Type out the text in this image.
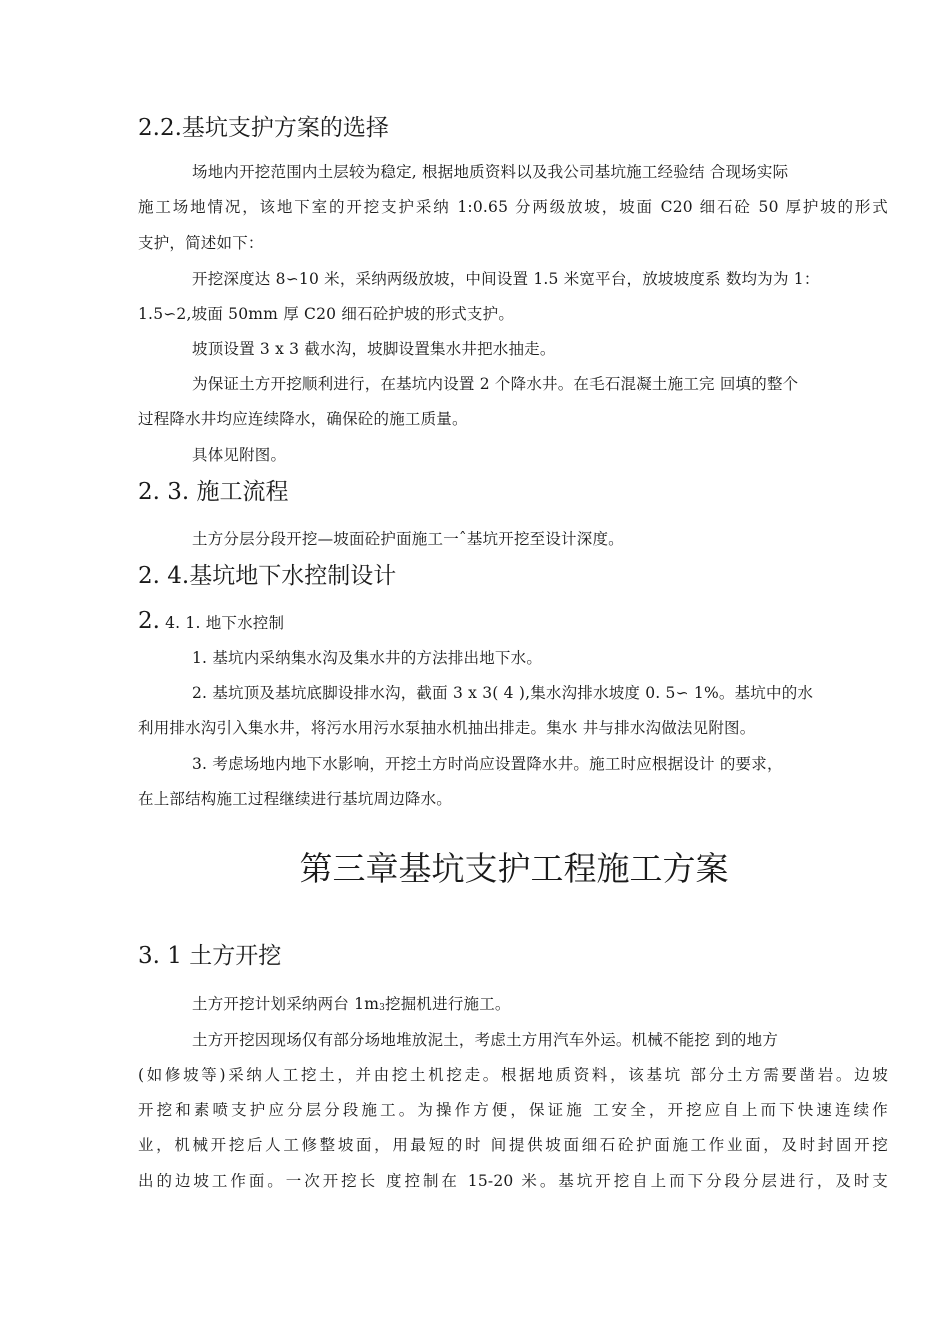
2.2.基坑支护方案的选择
场地内开挖范围内土层较为稳定, 根据地质资料以及我公司基坑施工经验结 合现场实际
施工场地情况，该地下室的开挖支护采纳 1:0.65 分两级放坡，坡面 C20 细石砼 50 厚护坡的形式
支护，简述如下：
开挖深度达 8∽10 米，采纳两级放坡，中间设置 1.5 米宽平台，放坡坡度系 数均为为 1：
1.5∽2,坡面 50mm 厚 C20 细石砼护坡的形式支护。
坡顶设置 3 x 3 截水沟，坡脚设置集水井把水抽走。
为保证土方开挖顺利进行，在基坑内设置 2 个降水井。在毛石混凝土施工完 回填的整个
过程降水井均应连续降水，确保砼的施工质量。
具体见附图。
2. 3. 施工流程
土方分层分段开挖—坡面砼护面施工一ˆ基坑开挖至设计深度。
2. 4.基坑地下水控制设计
2. 4. 1. 地下水控制
1. 基坑内采纳集水沟及集水井的方法排出地下水。
2. 基坑顶及基坑底脚设排水沟，截面 3 x 3( 4 ),集水沟排水坡度 0. 5∽ 1%。基坑中的水
利用排水沟引入集水井，将污水用污水泵抽水机抽出排走。集水 井与排水沟做法见附图。
3. 考虑场地内地下水影响，开挖土方时尚应设置降水井。施工时应根据设计 的要求，
在上部结构施工过程继续进行基坑周边降水。
第三章基坑支护工程施工方案
3. 1 土方开挖
土方开挖计划采纳两台 $1m_3$挖掘机进行施工。
土方开挖因现场仅有部分场地堆放泥土，考虑土方用汽车外运。机械不能挖 到的地方
(如修坡等)采纳人工挖土，并由挖土机挖走。根据地质资料，该基坑 部分土方需要凿岩。边坡
开挖和素喷支护应分层分段施工。为操作方便，保证施 工安全，开挖应自上而下快速连续作
业，机械开挖后人工修整坡面，用最短的时 间提供坡面细石砼护面施工作业面，及时封固开挖
出的边坡工作面。一次开挖长 度控制在 15-20 米。基坑开挖自上而下分段分层进行，及时支
